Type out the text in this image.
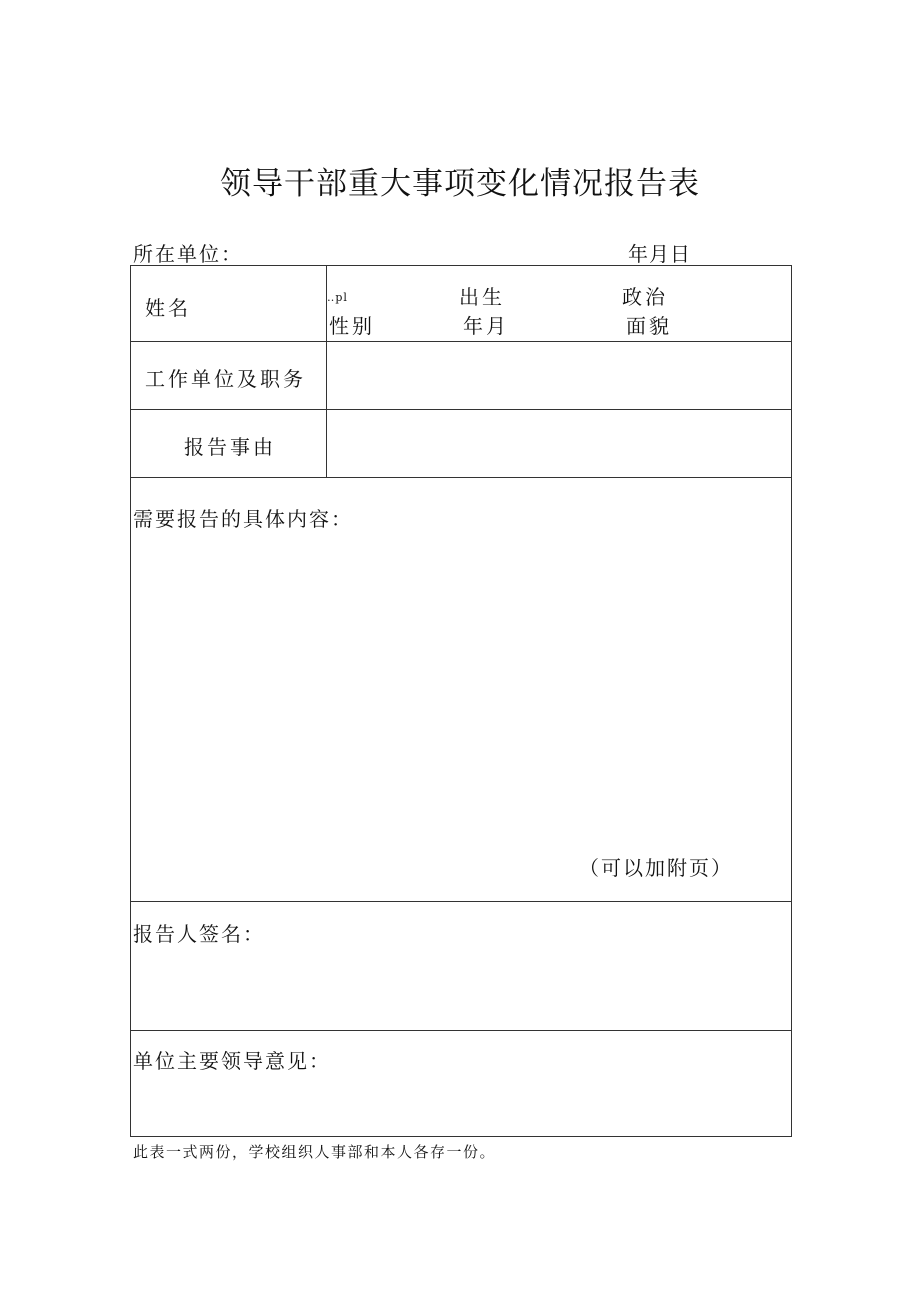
领导干部重大事项变化情况报告表
所在单位：	年月日
姓名	‥pl
性别
出生
年月
政治
面貌
工作单位及职务
报告事由
需要报告的具体内容：
（可以加附页）
报告人签名：
单位主要领导意见：
此表一式两份，学校组织人事部和本人各存一份。
